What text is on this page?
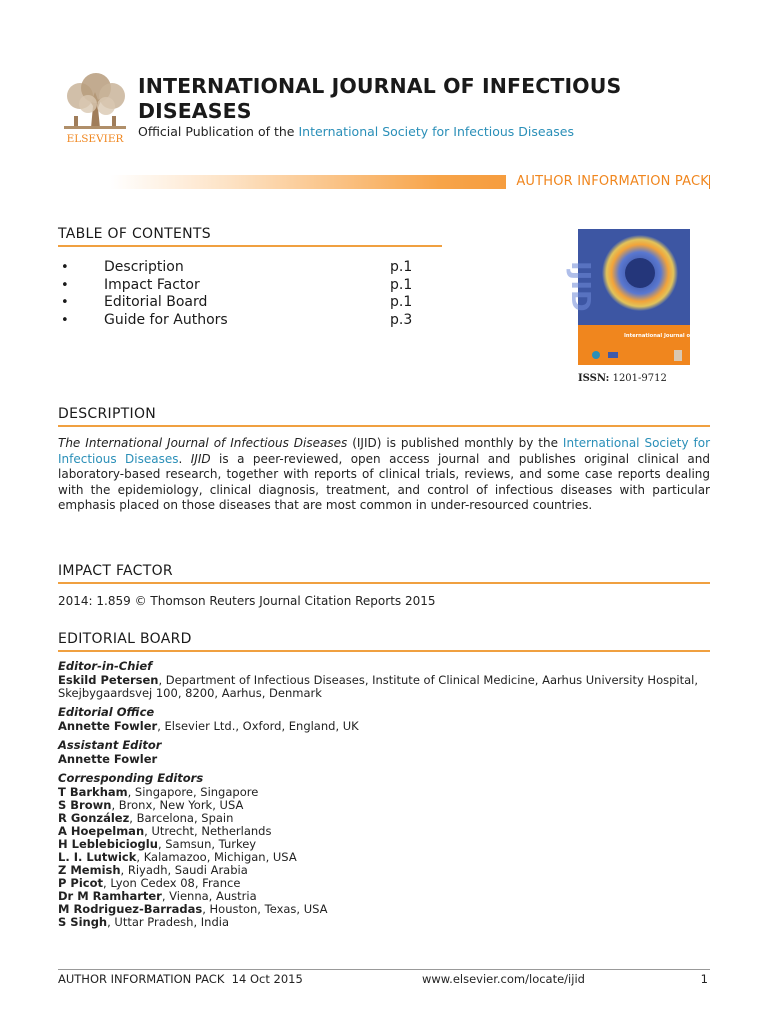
ELSEVIER
INTERNATIONAL JOURNAL OF INFECTIOUS DISEASES
Official Publication of the International Society for Infectious Diseases
AUTHOR INFORMATION PACK
TABLE OF CONTENTS
•	Description	p.1
•	Impact Factor	p.1
•	Editorial Board	p.1
•	Guide for Authors	p.3
IJID
International Journal of Infectious Diseases
ISSN: 1201-9712
DESCRIPTION
The International Journal of Infectious Diseases (IJID) is published monthly by the International Society for Infectious Diseases. IJID is a peer-reviewed, open access journal and publishes original clinical and laboratory-based research, together with reports of clinical trials, reviews, and some case reports dealing with the epidemiology, clinical diagnosis, treatment, and control of infectious diseases with particular emphasis placed on those diseases that are most common in under-resourced countries.
IMPACT FACTOR
2014: 1.859 © Thomson Reuters Journal Citation Reports 2015
EDITORIAL BOARD
Editor-in-Chief
Eskild Petersen, Department of Infectious Diseases, Institute of Clinical Medicine, Aarhus University Hospital, Skejbygaardsvej 100, 8200, Aarhus, Denmark
Editorial Office
Annette Fowler, Elsevier Ltd., Oxford, England, UK
Assistant Editor
Annette Fowler
Corresponding Editors
T Barkham, Singapore, Singapore
S Brown, Bronx, New York, USA
R González, Barcelona, Spain
A Hoepelman, Utrecht, Netherlands
H Leblebicioglu, Samsun, Turkey
L. I. Lutwick, Kalamazoo, Michigan, USA
Z Memish, Riyadh, Saudi Arabia
P Picot, Lyon Cedex 08, France
Dr M Ramharter, Vienna, Austria
M Rodriguez-Barradas, Houston, Texas, USA
S Singh, Uttar Pradesh, India
AUTHOR INFORMATION PACK  14 Oct 2015	www.elsevier.com/locate/ijid	1
